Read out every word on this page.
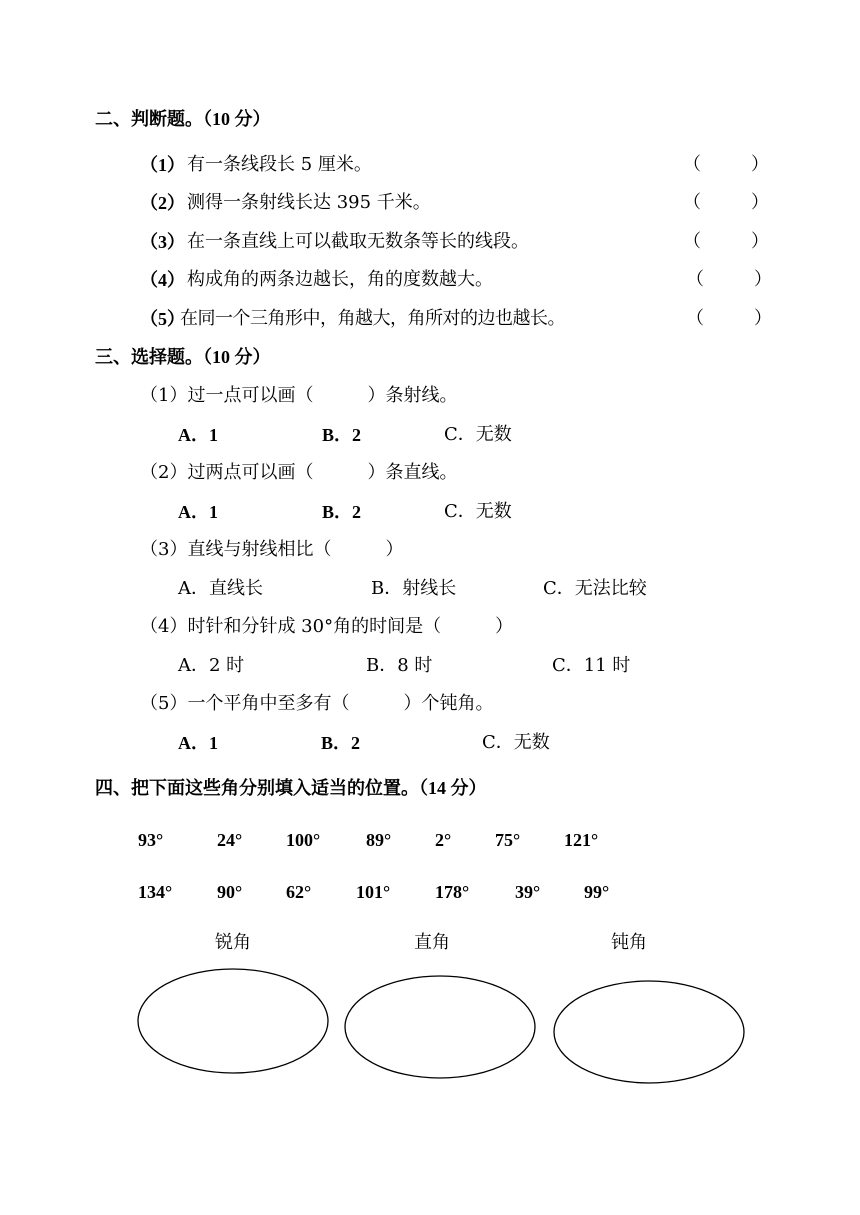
二、判断题。（10 分）
（1） 有一条线段长 5 厘米。	（	）
（2） 测得一条射线长达 395 千米。	（	）
（3） 在一条直线上可以截取无数条等长的线段。	（	）
（4） 构成角的两条边越长，角的度数越大。	（	）
（5）
在同一个三角形中，角越大，角所对的边也越长。	（	）
三、选择题。（10 分）
（1）过一点可以画（　　　）条射线。
A．1	B．2	C．无数
（2）过两点可以画（　　　）条直线。
A．1	B．2	C．无数
（3）直线与射线相比（　　　）
A．直线长	B．射线长	C．无法比较
（4）时针和分针成 30°角的时间是（　　　）
A．2 时	B．8 时	C．11 时
（5）一个平角中至多有（　　　）个钝角。
A．1	B．2	C．无数
四、把下面这些角分别填入适当的位置。（14 分）
93°	24° 100°	89° 2° 75° 121°
134° 90° 62° 101° 178°	39° 99°
锐角	直角	钝角
